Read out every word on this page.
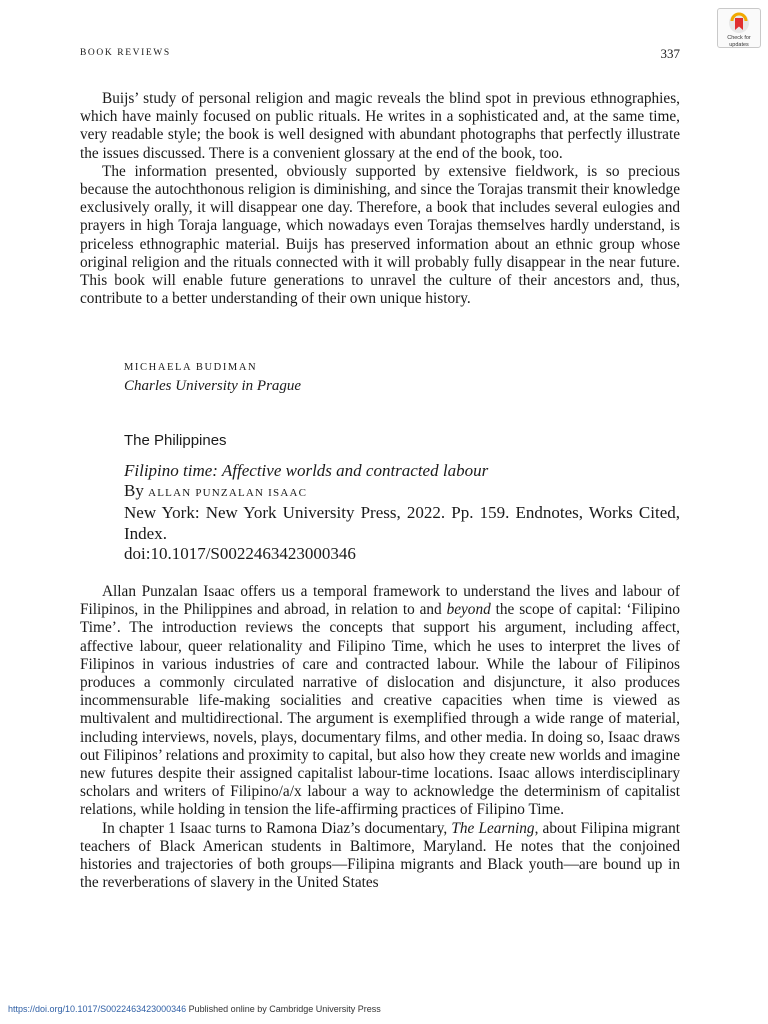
BOOK REVIEWS	337
Check for
updates

Buijs’ study of personal religion and magic reveals the blind spot in previous ethnographies, which have mainly focused on public rituals. He writes in a sophisticated and, at the same time, very readable style; the book is well designed with abundant photographs that perfectly illustrate the issues discussed. There is a convenient glossary at the end of the book, too.

The information presented, obviously supported by extensive fieldwork, is so precious because the autochthonous religion is diminishing, and since the Torajas transmit their knowledge exclusively orally, it will disappear one day. Therefore, a book that includes several eulogies and prayers in high Toraja language, which nowadays even Torajas themselves hardly understand, is priceless ethnographic material. Buijs has preserved information about an ethnic group whose original religion and the rituals connected with it will probably fully disappear in the near future. This book will enable future generations to unravel the culture of their ancestors and, thus, contribute to a better understanding of their own unique history.

MICHAELA BUDIMAN
Charles University in Prague
The Philippines
Filipino time: Affective worlds and contracted labour
By ALLAN PUNZALAN ISAAC
New York: New York University Press, 2022. Pp. 159. Endnotes, Works Cited, Index.
doi:10.1017/S0022463423000346

Allan Punzalan Isaac offers us a temporal framework to understand the lives and labour of Filipinos, in the Philippines and abroad, in relation to and beyond the scope of capital: ‘Filipino Time’. The introduction reviews the concepts that support his argument, including affect, affective labour, queer relationality and Filipino Time, which he uses to interpret the lives of Filipinos in various industries of care and contracted labour. While the labour of Filipinos produces a commonly circulated narrative of dislocation and disjuncture, it also produces incommensurable life-making socialities and creative capacities when time is viewed as multivalent and multidirectional. The argument is exemplified through a wide range of material, including interviews, novels, plays, documentary films, and other media. In doing so, Isaac draws out Filipinos’ relations and proximity to capital, but also how they create new worlds and imagine new futures despite their assigned capitalist labour-time locations. Isaac allows interdisciplinary scholars and writers of Filipino/a/x labour a way to acknowledge the determinism of capitalist relations, while holding in tension the life-affirming practices of Filipino Time.

In chapter 1 Isaac turns to Ramona Diaz’s documentary, The Learning, about Filipina migrant teachers of Black American students in Baltimore, Maryland. He notes that the conjoined histories and trajectories of both groups—Filipina migrants and Black youth—are bound up in the reverberations of slavery in the United States

https://doi.org/10.1017/S0022463423000346 Published online by Cambridge University Press
